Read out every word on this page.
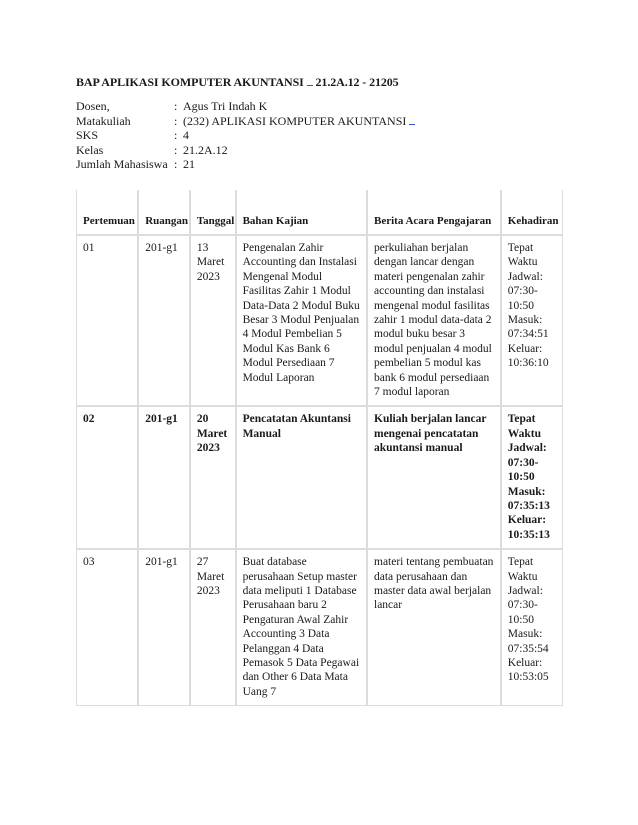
BAP APLIKASI KOMPUTER AKUNTANSI  21.2A.12 - 21205
Dosen,	:	Agus Tri Indah K
Matakuliah	:	(232) APLIKASI KOMPUTER AKUNTANSI
SKS	:	4
Kelas	:	21.2A.12
Jumlah Mahasiswa	:	21
Pertemuan	Ruangan	Tanggal	Bahan Kajian	Berita Acara Pengajaran	Kehadiran
01	201-g1	13 Maret 2023	Pengenalan Zahir Accounting dan Instalasi Mengenal Modul Fasilitas Zahir 1 Modul Data-Data 2 Modul Buku Besar 3 Modul Penjualan 4 Modul Pembelian 5 Modul Kas Bank 6 Modul Persediaan 7 Modul Laporan	perkuliahan berjalan dengan lancar dengan materi pengenalan zahir accounting dan instalasi mengenal modul fasilitas zahir 1 modul data-data 2 modul buku besar 3 modul penjualan 4 modul pembelian 5 modul kas bank 6 modul persediaan 7 modul laporan	Tepat Waktu Jadwal: 07:30-10:50 Masuk: 07:34:51 Keluar: 10:36:10
02	201-g1	20 Maret 2023	Pencatatan Akuntansi Manual	Kuliah berjalan lancar mengenai pencatatan akuntansi manual	Tepat Waktu Jadwal: 07:30-10:50 Masuk: 07:35:13 Keluar: 10:35:13
03	201-g1	27 Maret 2023	Buat database perusahaan Setup master data meliputi 1 Database Perusahaan baru 2 Pengaturan Awal Zahir Accounting 3 Data Pelanggan 4 Data Pemasok 5 Data Pegawai dan Other 6 Data Mata Uang 7	materi tentang pembuatan data perusahaan dan master data awal berjalan lancar	Tepat Waktu Jadwal: 07:30-10:50 Masuk: 07:35:54 Keluar: 10:53:05
